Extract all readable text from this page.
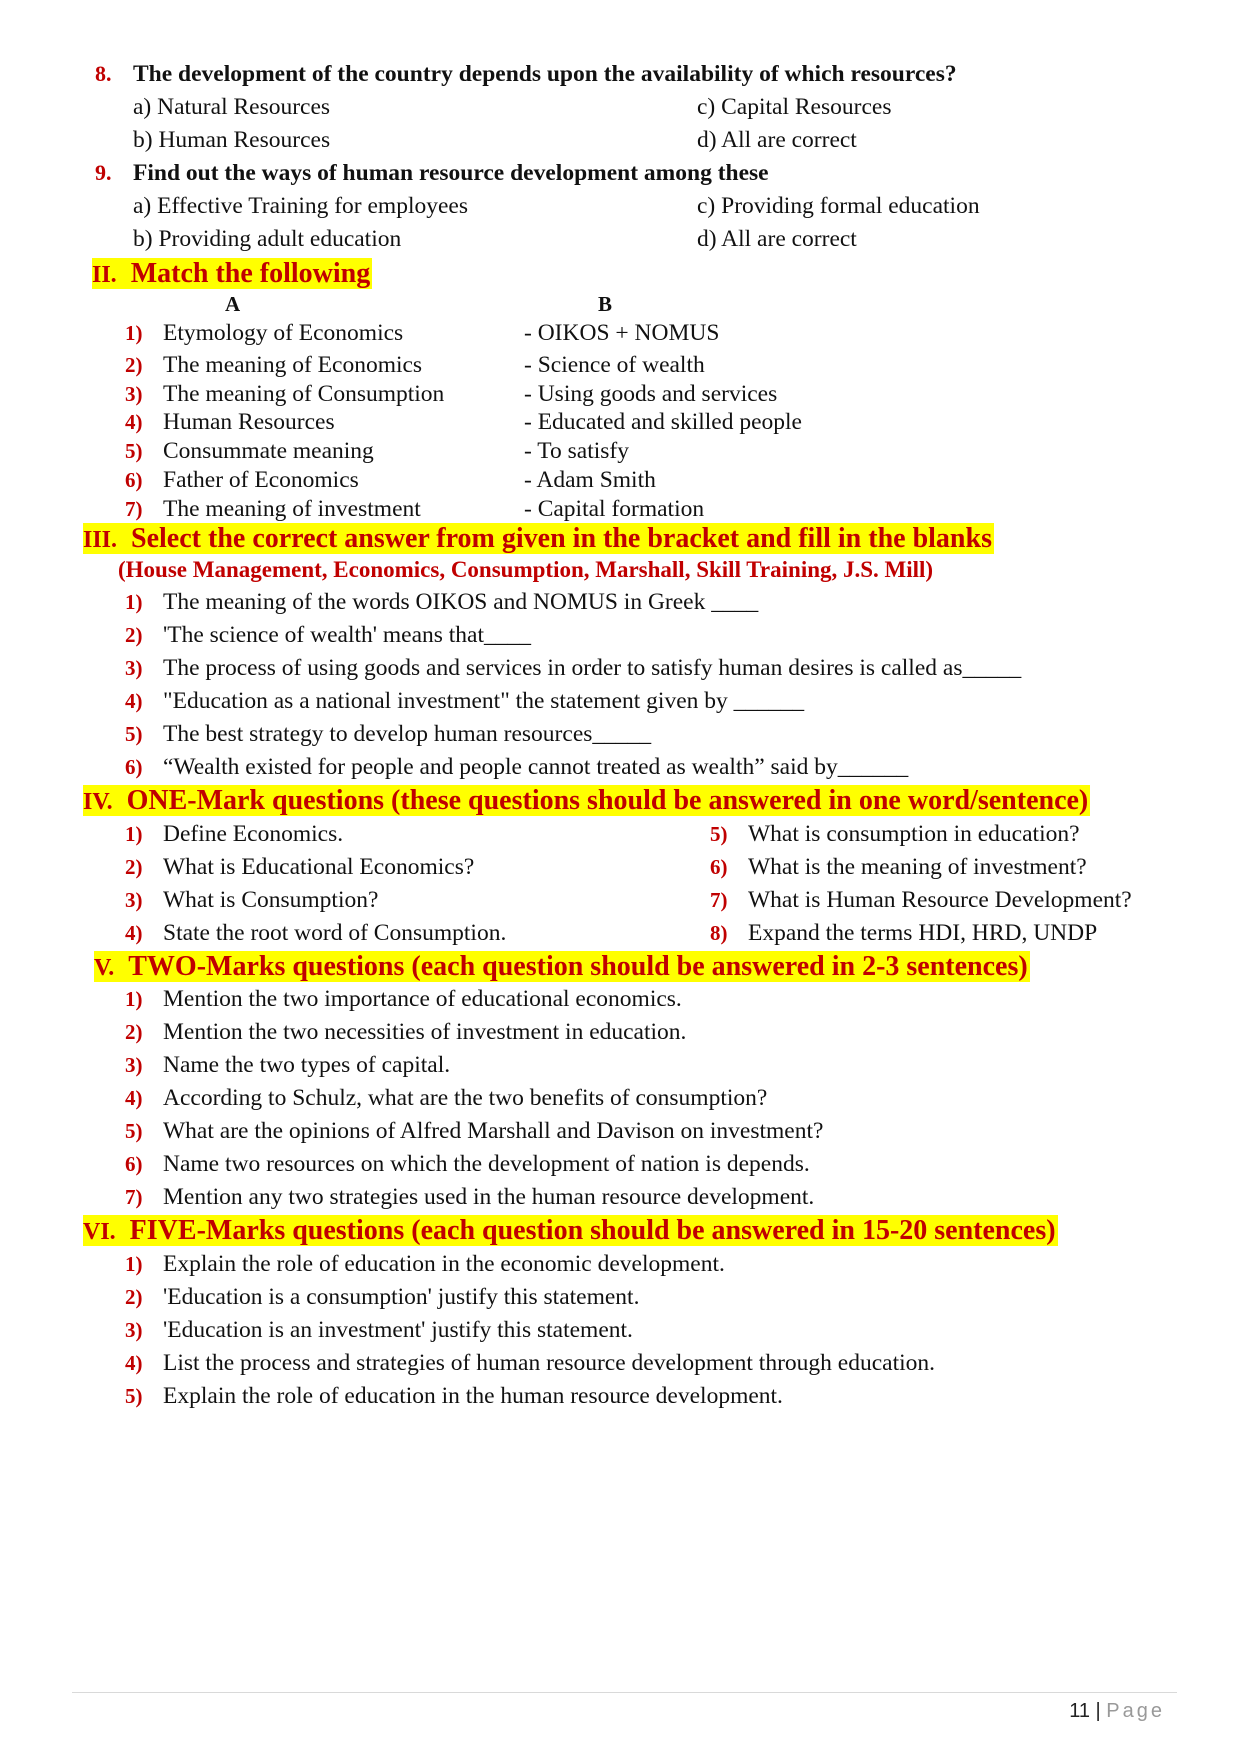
8. The development of the country depends upon the availability of which resources?
a) Natural Resources	c) Capital Resources
b) Human Resources	d) All are correct
9. Find out the ways of human resource development among these
a) Effective Training for employees	c) Providing formal education
b) Providing adult education	d) All are correct
II. Match the following
A	B
1) Etymology of Economics	- OIKOS + NOMUS
2) The meaning of Economics	- Science of wealth
3) The meaning of Consumption	- Using goods and services
4) Human Resources	- Educated and skilled people
5) Consummate meaning	- To satisfy
6) Father of Economics	- Adam Smith
7) The meaning of investment	- Capital formation
III. Select the correct answer from given in the bracket and fill in the blanks
(House Management, Economics, Consumption, Marshall, Skill Training, J.S. Mill)
1) The meaning of the words OIKOS and NOMUS in Greek ____
2) 'The science of wealth' means that____
3) The process of using goods and services in order to satisfy human desires is called as_____
4) "Education as a national investment" the statement given by ______
5) The best strategy to develop human resources_____
6) “Wealth existed for people and people cannot treated as wealth” said by______
IV. ONE-Mark questions (these questions should be answered in one word/sentence)
1) Define Economics.	5) What is consumption in education?
2) What is Educational Economics?	6) What is the meaning of investment?
3) What is Consumption?	7) What is Human Resource Development?
4) State the root word of Consumption.	8) Expand the terms HDI, HRD, UNDP
V. TWO-Marks questions (each question should be answered in 2-3 sentences)
1) Mention the two importance of educational economics.
2) Mention the two necessities of investment in education.
3) Name the two types of capital.
4) According to Schulz, what are the two benefits of consumption?
5) What are the opinions of Alfred Marshall and Davison on investment?
6) Name two resources on which the development of nation is depends.
7) Mention any two strategies used in the human resource development.
VI. FIVE-Marks questions (each question should be answered in 15-20 sentences)
1) Explain the role of education in the economic development.
2) 'Education is a consumption' justify this statement.
3) 'Education is an investment' justify this statement.
4) List the process and strategies of human resource development through education.
5) Explain the role of education in the human resource development.
11 | Page
